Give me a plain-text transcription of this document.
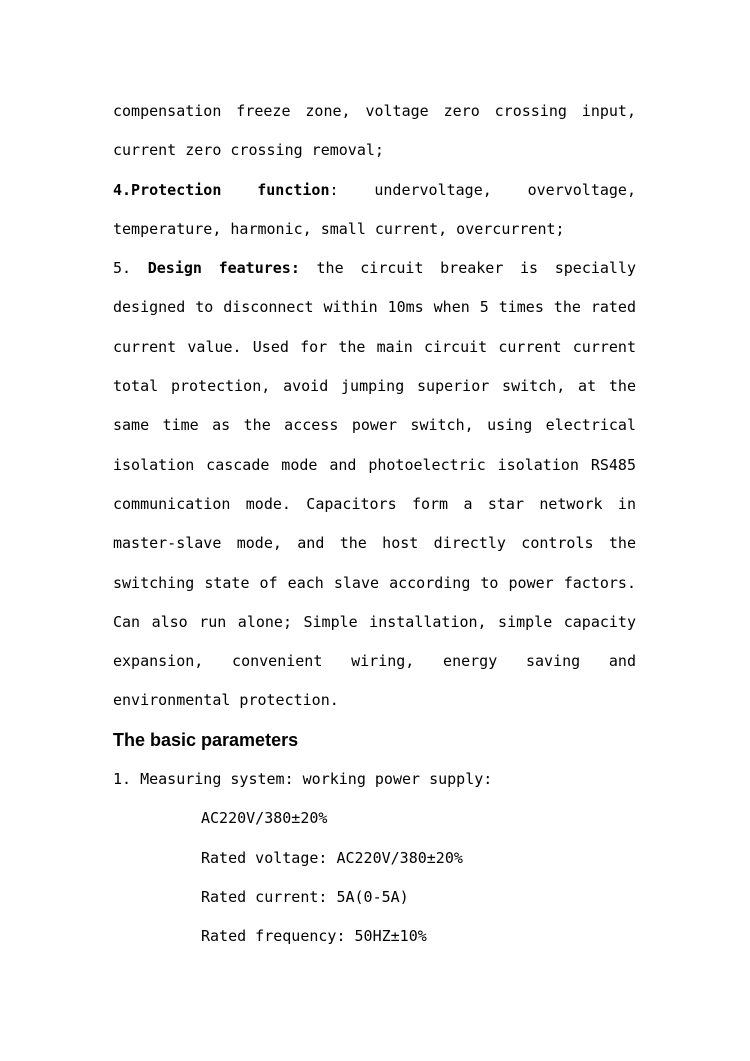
compensation freeze zone, voltage zero crossing input,
current zero crossing removal;
4.Protection function: undervoltage, overvoltage,
temperature, harmonic, small current, overcurrent;
5. Design features: the circuit breaker is specially
designed to disconnect within 10ms when 5 times the rated
current value. Used for the main circuit current current
total protection, avoid jumping superior switch, at the
same time as the access power switch, using electrical
isolation cascade mode and photoelectric isolation RS485
communication mode. Capacitors form a star network in
master-slave mode, and the host directly controls the
switching state of each slave according to power factors.
Can also run alone; Simple installation, simple capacity
expansion, convenient wiring, energy saving and
environmental protection.
The basic parameters
1. Measuring system: working power supply:
AC220V/380±20%
Rated voltage: AC220V/380±20%
Rated current: 5A(0-5A)
Rated frequency: 50HZ±10%
